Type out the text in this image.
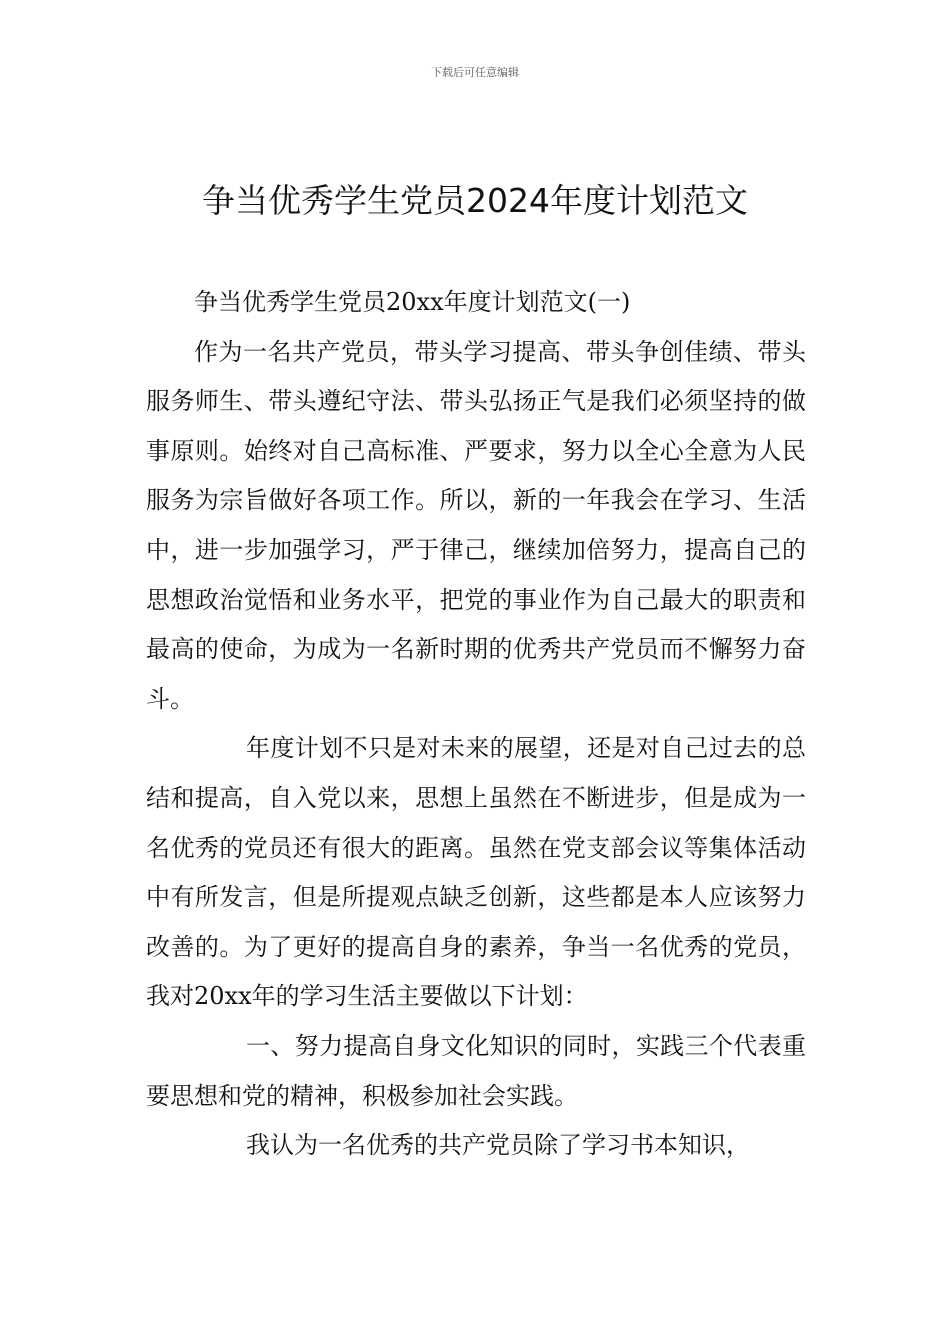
下载后可任意编辑
争当优秀学生党员2024年度计划范文

争当优秀学生党员20xx年度计划范文(一)

作为一名共产党员，带头学习提高、带头争创佳绩、带头服务师生、带头遵纪守法、带头弘扬正气是我们必须坚持的做事原则。始终对自己高标准、严要求，努力以全心全意为人民服务为宗旨做好各项工作。所以，新的一年我会在学习、生活中，进一步加强学习，严于律己，继续加倍努力，提高自己的思想政治觉悟和业务水平，把党的事业作为自己最大的职责和最高的使命，为成为一名新时期的优秀共产党员而不懈努力奋斗。

年度计划不只是对未来的展望，还是对自己过去的总结和提高，自入党以来，思想上虽然在不断进步，但是成为一名优秀的党员还有很大的距离。虽然在党支部会议等集体活动中有所发言，但是所提观点缺乏创新，这些都是本人应该努力改善的。为了更好的提高自身的素养，争当一名优秀的党员，我对20xx年的学习生活主要做以下计划：

一、努力提高自身文化知识的同时，实践三个代表重要思想和党的精神，积极参加社会实践。

我认为一名优秀的共产党员除了学习书本知识，
